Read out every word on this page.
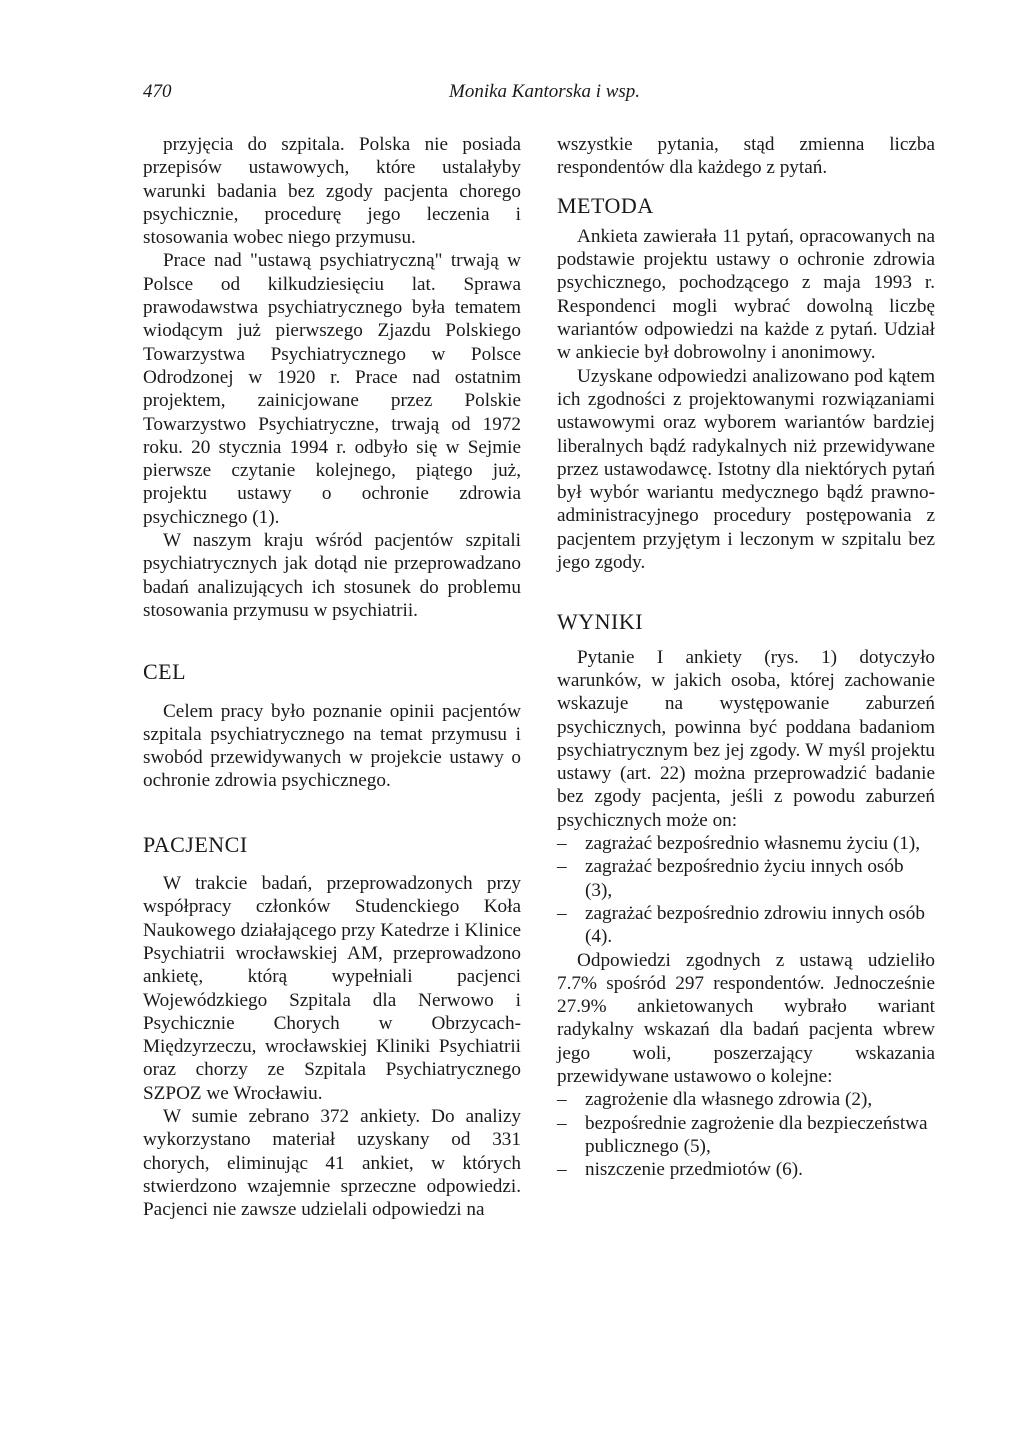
470	Monika Kantorska i wsp.

przyjęcia do szpitala. Polska nie posiada przepisów ustawowych, które ustalałyby warunki badania bez zgody pacjenta chorego psychicznie, procedurę jego leczenia i stosowania wobec niego przymusu.

Prace nad "ustawą psychiatryczną" trwają w Polsce od kilkudziesięciu lat. Sprawa prawodawstwa psychiatrycznego była tematem wiodącym już pierwszego Zjazdu Polskiego Towarzystwa Psychiatrycznego w Polsce Odrodzonej w 1920 r. Prace nad ostatnim projektem, zainicjowane przez Polskie Towarzystwo Psychiatryczne, trwają od 1972 roku. 20 stycznia 1994 r. odbyło się w Sejmie pierwsze czytanie kolejnego, piątego już, projektu ustawy o ochronie zdrowia psychicznego (1).

W naszym kraju wśród pacjentów szpitali psychiatrycznych jak dotąd nie przeprowadzano badań analizujących ich stosunek do problemu stosowania przymusu w psychiatrii.

CEL

Celem pracy było poznanie opinii pacjentów szpitala psychiatrycznego na temat przymusu i swobód przewidywanych w projekcie ustawy o ochronie zdrowia psychicznego.

PACJENCI

W trakcie badań, przeprowadzonych przy współpracy członków Studenckiego Koła Naukowego działającego przy Katedrze i Klinice Psychiatrii wrocławskiej AM, przeprowadzono ankietę, którą wypełniali pacjenci Wojewódzkiego Szpitala dla Nerwowo i Psychicznie Chorych w Obrzycach-Międzyrzeczu, wrocławskiej Kliniki Psychiatrii oraz chorzy ze Szpitala Psychiatrycznego SZPOZ we Wrocławiu.

W sumie zebrano 372 ankiety. Do analizy wykorzystano materiał uzyskany od 331 chorych, eliminując 41 ankiet, w których stwierdzono wzajemnie sprzeczne odpowiedzi. Pacjenci nie zawsze udzielali odpowiedzi na

wszystkie pytania, stąd zmienna liczba respondentów dla każdego z pytań.

METODA

Ankieta zawierała 11 pytań, opracowanych na podstawie projektu ustawy o ochronie zdrowia psychicznego, pochodzącego z maja 1993 r. Respondenci mogli wybrać dowolną liczbę wariantów odpowiedzi na każde z pytań. Udział w ankiecie był dobrowolny i anonimowy.

Uzyskane odpowiedzi analizowano pod kątem ich zgodności z projektowanymi rozwiązaniami ustawowymi oraz wyborem wariantów bardziej liberalnych bądź radykalnych niż przewidywane przez ustawodawcę. Istotny dla niektórych pytań był wybór wariantu medycznego bądź prawno-administracyjnego procedury postępowania z pacjentem przyjętym i leczonym w szpitalu bez jego zgody.

WYNIKI

Pytanie I ankiety (rys. 1) dotyczyło warunków, w jakich osoba, której zachowanie wskazuje na występowanie zaburzeń psychicznych, powinna być poddana badaniom psychiatrycznym bez jej zgody. W myśl projektu ustawy (art. 22) można przeprowadzić badanie bez zgody pacjenta, jeśli z powodu zaburzeń psychicznych może on:

– zagrażać bezpośrednio własnemu życiu (1),
– zagrażać bezpośrednio życiu innych osób (3),
– zagrażać bezpośrednio zdrowiu innych osób (4).

Odpowiedzi zgodnych z ustawą udzieliło 7.7% spośród 297 respondentów. Jednocześnie 27.9% ankietowanych wybrało wariant radykalny wskazań dla badań pacjenta wbrew jego woli, poszerzający wskazania przewidywane ustawowo o kolejne:

– zagrożenie dla własnego zdrowia (2),
– bezpośrednie zagrożenie dla bezpieczeństwa publicznego (5),
– niszczenie przedmiotów (6).
